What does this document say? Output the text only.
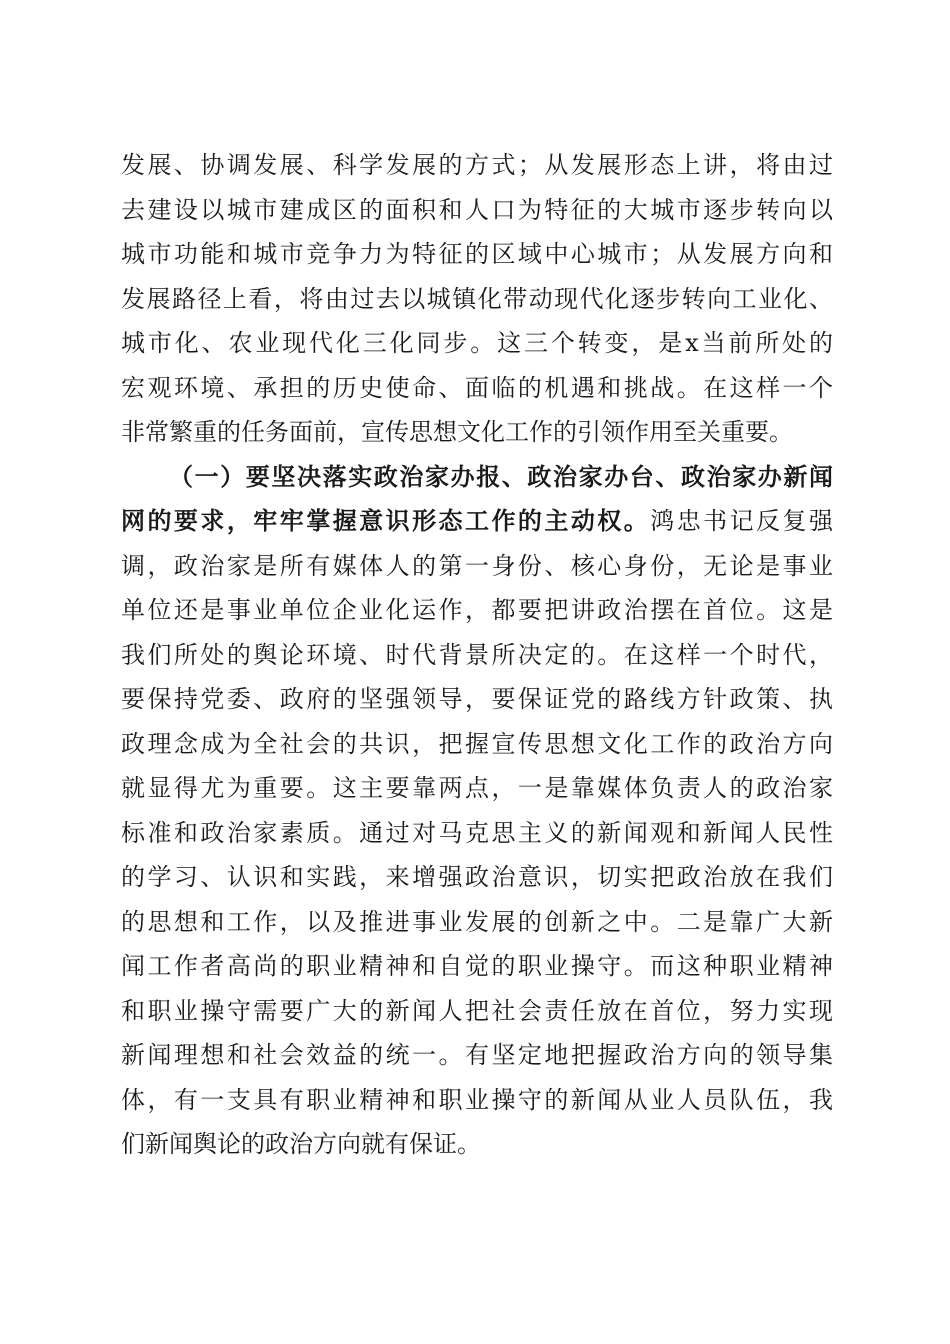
发展、协调发展、科学发展的方式；从发展形态上讲，将由过
去建设以城市建成区的面积和人口为特征的大城市逐步转向以
城市功能和城市竞争力为特征的区域中心城市；从发展方向和
发展路径上看，将由过去以城镇化带动现代化逐步转向工业化、
城市化、农业现代化三化同步。这三个转变，是x当前所处的
宏观环境、承担的历史使命、面临的机遇和挑战。在这样一个
非常繁重的任务面前，宣传思想文化工作的引领作用至关重要。
（一）要坚决落实政治家办报、政治家办台、政治家办新闻
网的要求，牢牢掌握意识形态工作的主动权。鸿忠书记反复强
调，政治家是所有媒体人的第一身份、核心身份，无论是事业
单位还是事业单位企业化运作，都要把讲政治摆在首位。这是
我们所处的舆论环境、时代背景所决定的。在这样一个时代，
要保持党委、政府的坚强领导，要保证党的路线方针政策、执
政理念成为全社会的共识，把握宣传思想文化工作的政治方向
就显得尤为重要。这主要靠两点，一是靠媒体负责人的政治家
标准和政治家素质。通过对马克思主义的新闻观和新闻人民性
的学习、认识和实践，来增强政治意识，切实把政治放在我们
的思想和工作，以及推进事业发展的创新之中。二是靠广大新
闻工作者高尚的职业精神和自觉的职业操守。而这种职业精神
和职业操守需要广大的新闻人把社会责任放在首位，努力实现
新闻理想和社会效益的统一。有坚定地把握政治方向的领导集
体，有一支具有职业精神和职业操守的新闻从业人员队伍，我
们新闻舆论的政治方向就有保证。
